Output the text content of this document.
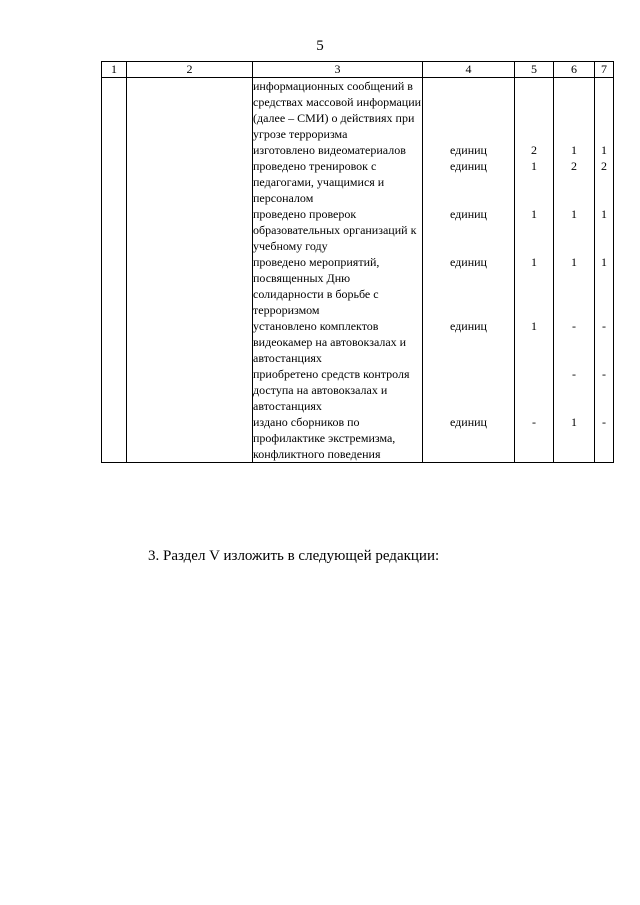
5
1	2	3	4	5	6	7
		информационных сообщений в средствах массовой информации (далее – СМИ) о действиях при угрозе терроризма				
		изготовлено видеоматериалов	единиц	2	1	1
		проведено тренировок с педагогами, учащимися и персоналом	единиц	1	2	2
		проведено проверок образовательных организаций к учебному году	единиц	1	1	1
		проведено мероприятий, посвященных Дню солидарности в борьбе с терроризмом	единиц	1	1	1
		установлено комплектов видеокамер на автовокзалах и автостанциях	единиц	1	-	-
		приобретено средств контроля доступа на автовокзалах и автостанциях			-	-
		издано сборников по профилактике экстремизма, конфликтного поведения	единиц	-	1	-
3. Раздел V изложить в следующей редакции:
